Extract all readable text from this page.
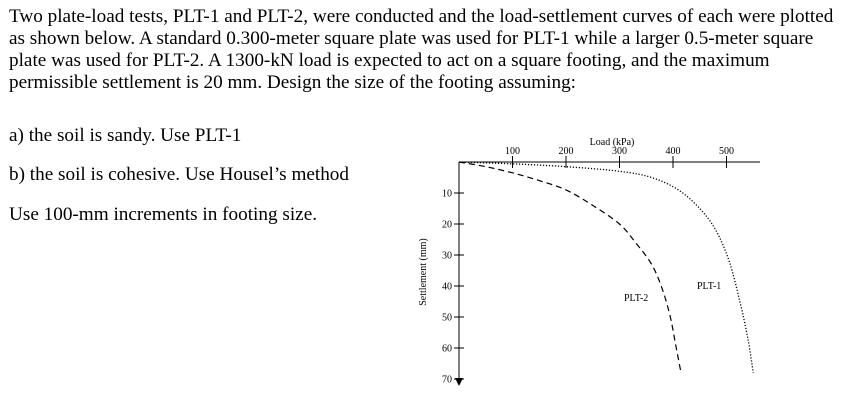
Two plate-load tests, PLT-1 and PLT-2, were conducted and the load-settlement curves of each were plotted as shown below. A standard 0.300-meter square plate was used for PLT-1 while a larger 0.5-meter square plate was used for PLT-2. A 1300-kN load is expected to act on a square footing, and the maximum permissible settlement is 20 mm. Design the size of the footing assuming:

a) the soil is sandy. Use PLT-1
b) the soil is cohesive. Use Housel’s method
Use 100-mm increments in footing size.
Load (kPa)
Settlement (mm)
100	200	300	400	500
10
20
30
40
50
60
70
PLT-2
PLT-1
